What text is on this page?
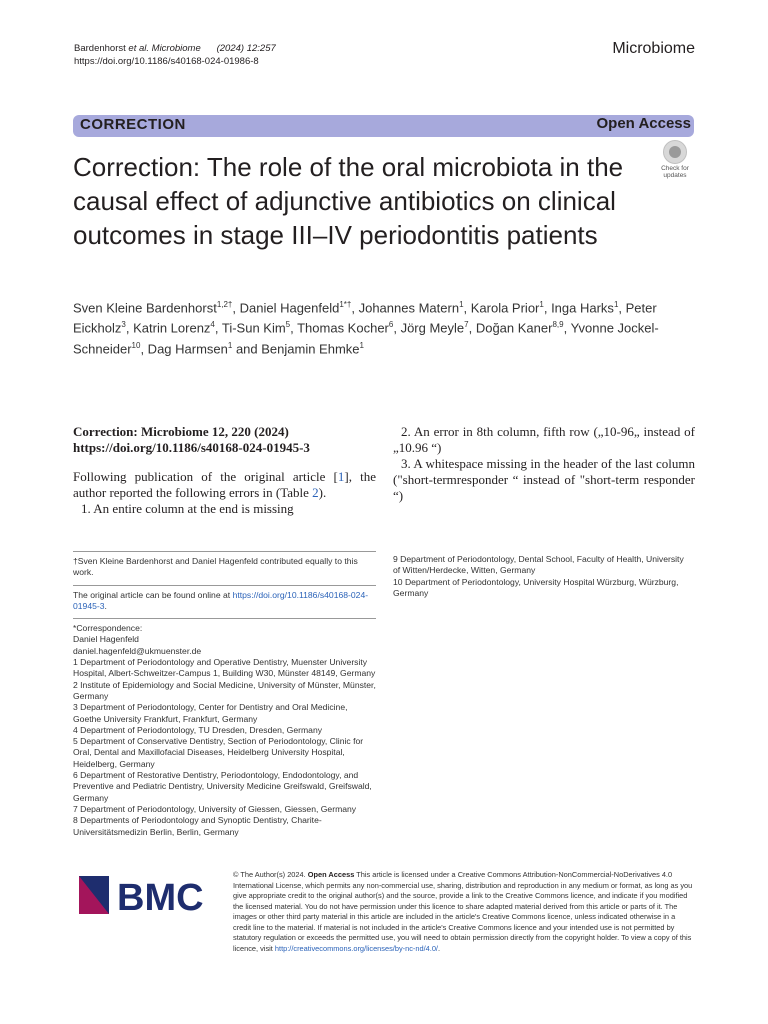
Bardenhorst et al. Microbiome (2024) 12:257
https://doi.org/10.1186/s40168-024-01986-8
Microbiome
CORRECTION	Open Access
Correction: The role of the oral microbiota in the causal effect of adjunctive antibiotics on clinical outcomes in stage III–IV periodontitis patients
Check for
updates
Sven Kleine Bardenhorst$^{1,2\dagger}$, Daniel Hagenfeld$^{1*\dagger}$, Johannes Matern$^1$, Karola Prior$^1$, Inga Harks$^1$, Peter Eickholz$^3$, Katrin Lorenz$^4$, Ti-Sun Kim$^5$, Thomas Kocher$^6$, Jörg Meyle$^7$, Doğan Kaner$^{8,9}$, Yvonne Jockel-Schneider$^{10}$, Dag Harmsen$^1$ and Benjamin Ehmke$^1$
Correction: Microbiome 12, 220 (2024)
https://doi.org/10.1186/s40168-024-01945-3

Following publication of the original article [1], the author reported the following errors in (Table 2).

1. An entire column at the end is missing

2. An error in 8th column, fifth row („10-96„ instead of „10.96 “)

3. A whitespace missing in the header of the last column ("short-termresponder “ instead of "short-term responder “)

†Sven Kleine Bardenhorst and Daniel Hagenfeld contributed equally to this work.
The original article can be found online at https://doi.org/10.1186/s40168-024-01945-3.
*Correspondence:
Daniel Hagenfeld
daniel.hagenfeld@ukmuenster.de
1 Department of Periodontology and Operative Dentistry, Muenster University Hospital, Albert-Schweitzer-Campus 1, Building W30, Münster 48149, Germany
2 Institute of Epidemiology and Social Medicine, University of Münster, Münster, Germany
3 Department of Periodontology, Center for Dentistry and Oral Medicine, Goethe University Frankfurt, Frankfurt, Germany
4 Department of Periodontology, TU Dresden, Dresden, Germany
5 Department of Conservative Dentistry, Section of Periodontology, Clinic for Oral, Dental and Maxillofacial Diseases, Heidelberg University Hospital, Heidelberg, Germany
6 Department of Restorative Dentistry, Periodontology, Endodontology, and Preventive and Pediatric Dentistry, University Medicine Greifswald, Greifswald, Germany
7 Department of Periodontology, University of Giessen, Giessen, Germany
8 Departments of Periodontology and Synoptic Dentistry, Charite-Universitätsmedizin Berlin, Berlin, Germany
9 Department of Periodontology, Dental School, Faculty of Health, University of Witten/Herdecke, Witten, Germany
10 Department of Periodontology, University Hospital Würzburg, Würzburg, Germany
BMC
© The Author(s) 2024. Open Access This article is licensed under a Creative Commons Attribution-NonCommercial-NoDerivatives 4.0 International License, which permits any non-commercial use, sharing, distribution and reproduction in any medium or format, as long as you give appropriate credit to the original author(s) and the source, provide a link to the Creative Commons licence, and indicate if you modified the licensed material. You do not have permission under this licence to share adapted material derived from this article or parts of it. The images or other third party material in this article are included in the article's Creative Commons licence, unless indicated otherwise in a credit line to the material. If material is not included in the article's Creative Commons licence and your intended use is not permitted by statutory regulation or exceeds the permitted use, you will need to obtain permission directly from the copyright holder. To view a copy of this licence, visit http://creativecommons.org/licenses/by-nc-nd/4.0/.
